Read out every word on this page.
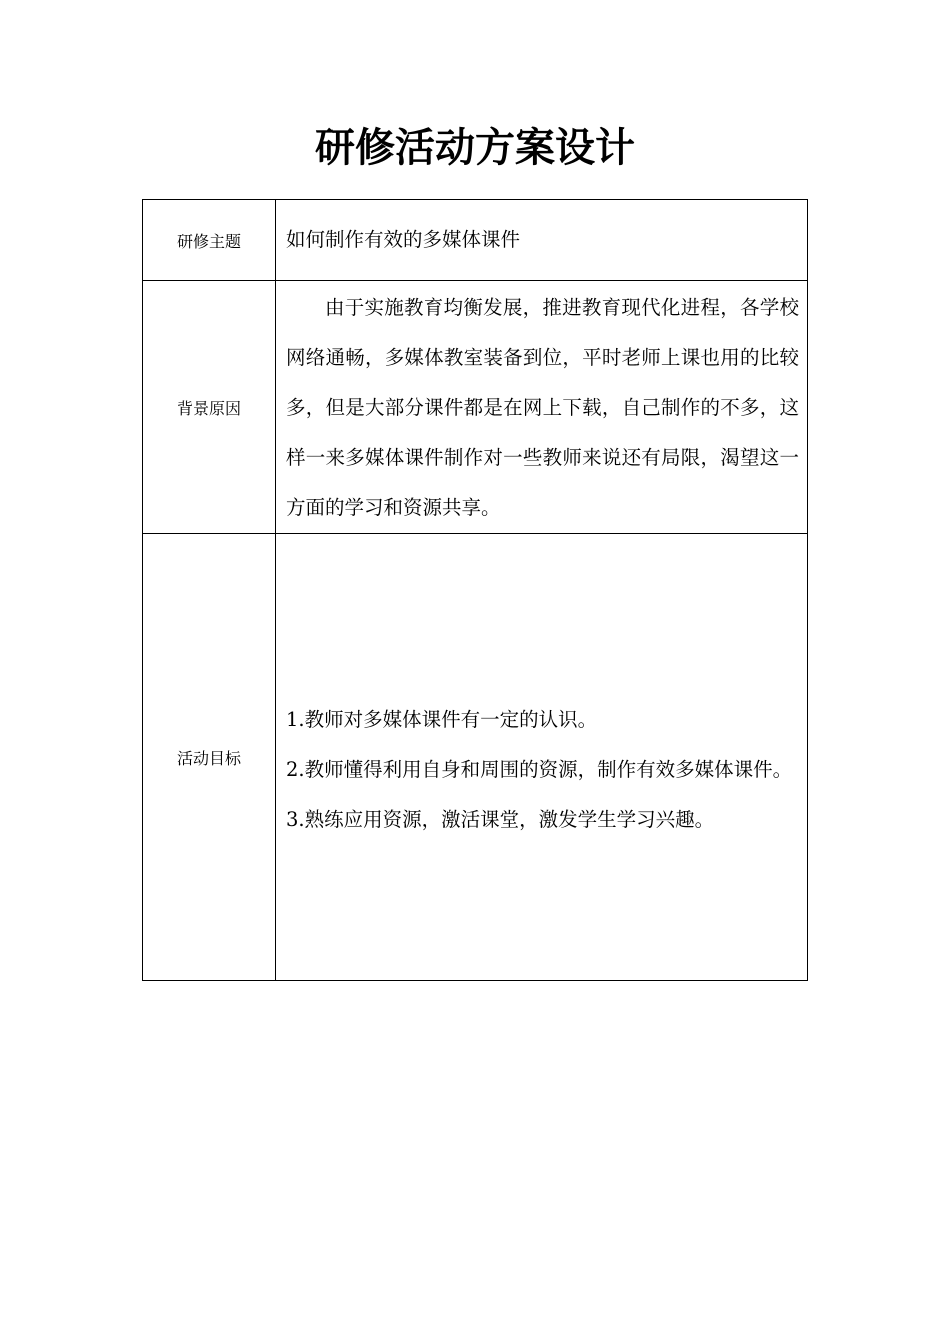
研修活动方案设计
研修主题	如何制作有效的多媒体课件

背景原因	由于实施教育均衡发展，推进教育现代化进程，各学校网络通畅，多媒体教室装备到位，平时老师上课也用的比较多，但是大部分课件都是在网上下载，自己制作的不多，这样一来多媒体课件制作对一些教师来说还有局限，渴望这一方面的学习和资源共享。

活动目标	1.教师对多媒体课件有一定的认识。

2.教师懂得利用自身和周围的资源，制作有效多媒体课件。

3.熟练应用资源，激活课堂，激发学生学习兴趣。
